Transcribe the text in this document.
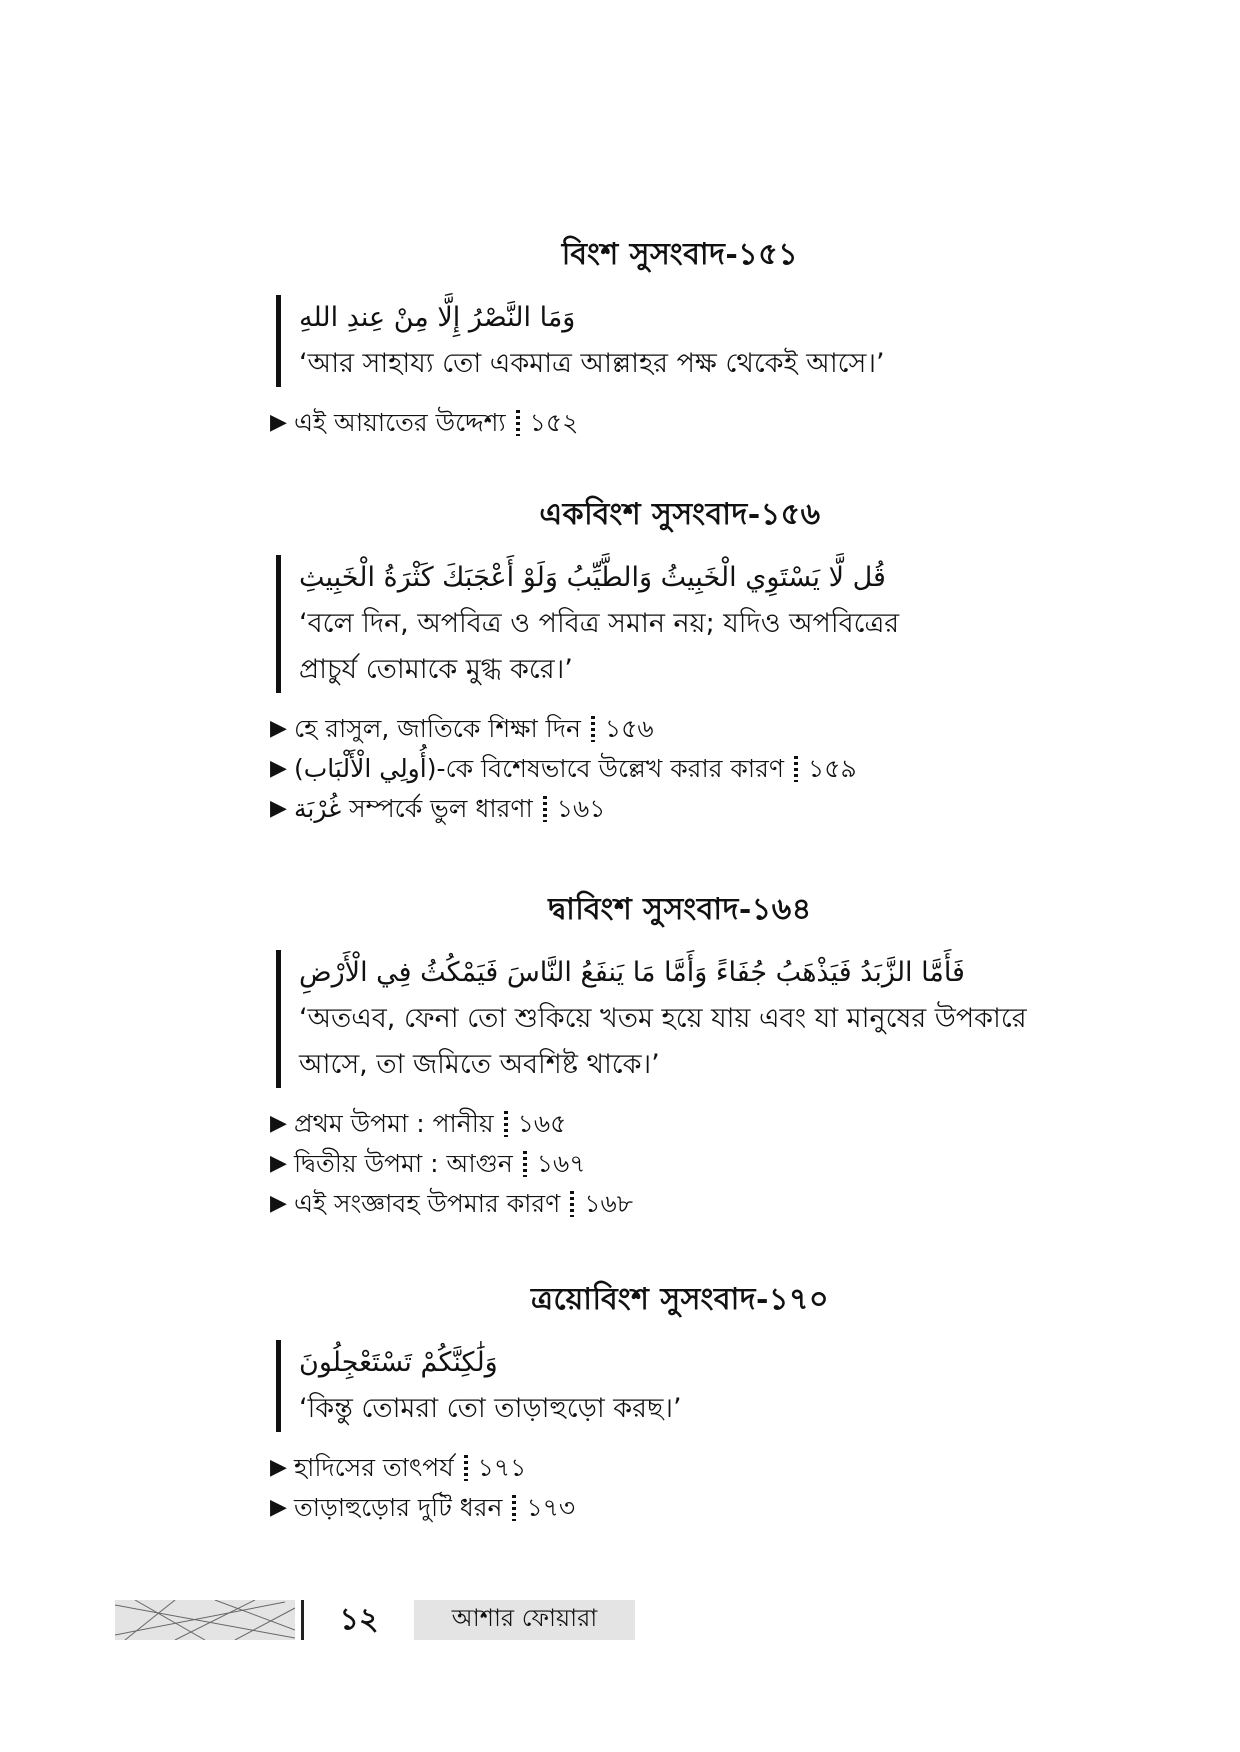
বিংশ সুসংবাদ-১৫১

وَمَا النَّصْرُ إِلَّا مِنْ عِندِ اللهِ

‘আর সাহায্য তো একমাত্র আল্লাহর পক্ষ থেকেই আসে।’

▶ এই আয়াতের উদ্দেশ্য ১৫২
একবিংশ সুসংবাদ-১৫৬

قُل لَّا يَسْتَوِي الْخَبِيثُ وَالطَّيِّبُ وَلَوْ أَعْجَبَكَ كَثْرَةُ الْخَبِيثِ

‘বলে দিন, অপবিত্র ও পবিত্র সমান নয়; যদিও অপবিত্রের

প্রাচুর্য তোমাকে মুগ্ধ করে।’

▶ হে রাসুল, জাতিকে শিক্ষা দিন ১৫৬
▶ (أُولِي الْأَلْبَاب)-কে বিশেষভাবে উল্লেখ করার কারণ ১৫৯
▶ غُرْبَة সম্পর্কে ভুল ধারণা ১৬১
দ্বাবিংশ সুসংবাদ-১৬৪

فَأَمَّا الزَّبَدُ فَيَذْهَبُ جُفَاءً وَأَمَّا مَا يَنفَعُ النَّاسَ فَيَمْكُثُ فِي الْأَرْضِ

‘অতএব, ফেনা তো শুকিয়ে খতম হয়ে যায় এবং যা মানুষের উপকারে

আসে, তা জমিতে অবশিষ্ট থাকে।’

▶ প্রথম উপমা : পানীয় ১৬৫
▶ দ্বিতীয় উপমা : আগুন ১৬৭
▶ এই সংজ্ঞাবহ উপমার কারণ ১৬৮
ত্রয়োবিংশ সুসংবাদ-১৭০

وَلَٰكِنَّكُمْ تَسْتَعْجِلُونَ

‘কিন্তু তোমরা তো তাড়াহুড়ো করছ।’

▶ হাদিসের তাৎপর্য ১৭১
▶ তাড়াহুড়োর দুটি ধরন ১৭৩
১২	আশার ফোয়ারা
